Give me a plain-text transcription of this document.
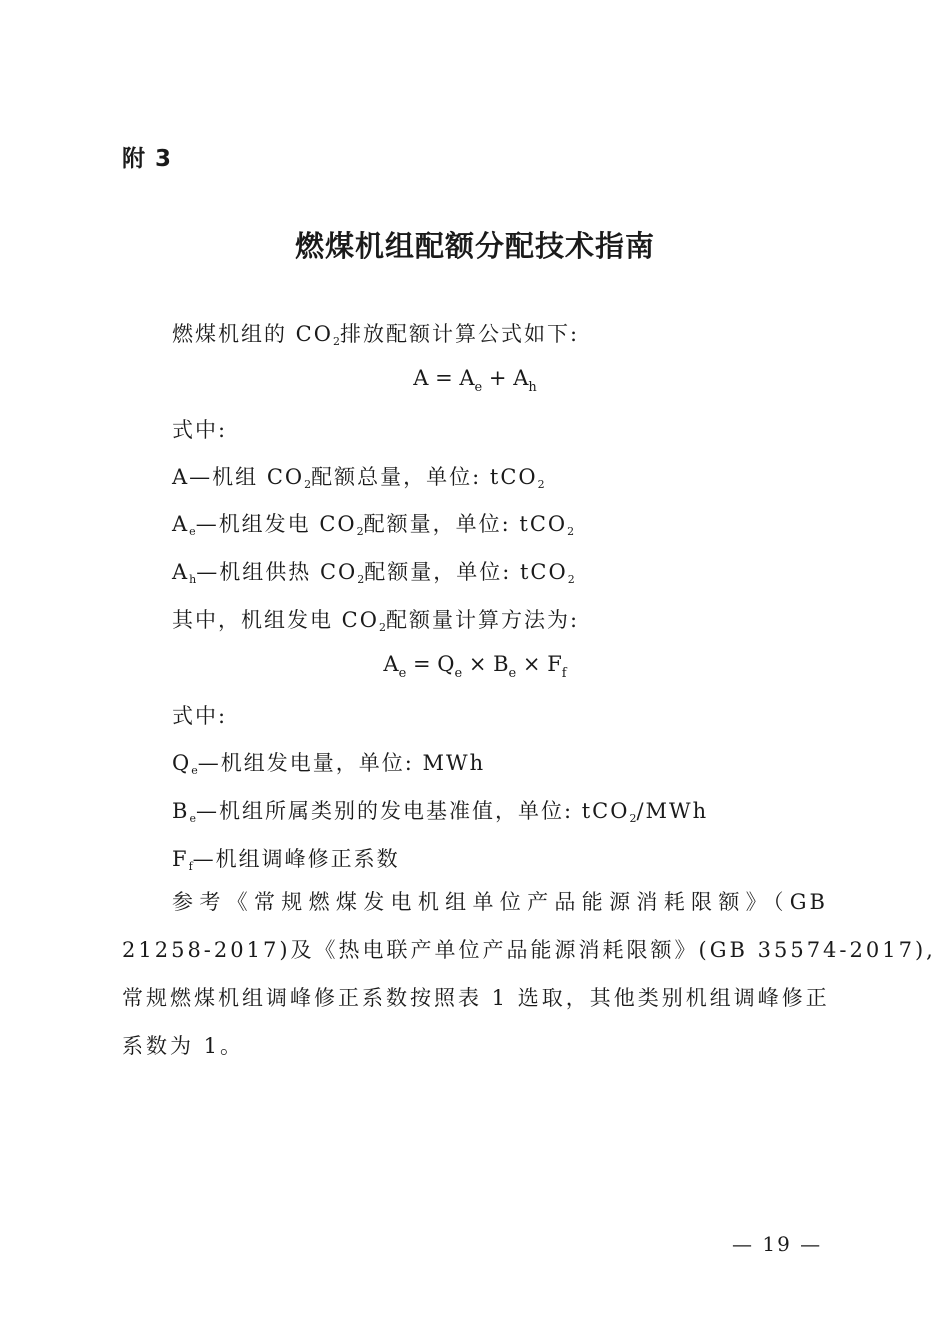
附 3
燃煤机组配额分配技术指南
燃煤机组的 $CO_2$排放配额计算公式如下:
$A = A_e + A_h$
式中:
A—机组 $CO_2$配额总量，单位: tCO$_2$
$A_e—$机组发电 $CO_2$配额量，单位: tCO$_2$
$A_h—$机组供热 $CO_2$配额量，单位: tCO$_2$
其中，机组发电 $CO_2$配额量计算方法为:
$A_e = Q_e \times B_e \times F_f$
式中:
$Q_e—$机组发电量，单位: MWh
$B_e—$机组所属类别的发电基准值，单位: tCO$_2$/MWh
$F_f—$机组调峰修正系数
参考《常规燃煤发电机组单位产品能源消耗限额》（GB
21258-2017)及《热电联产单位产品能源消耗限额》(GB 35574-2017),
常规燃煤机组调峰修正系数按照表 1 选取，其他类别机组调峰修正
系数为 1。
— 19 —
